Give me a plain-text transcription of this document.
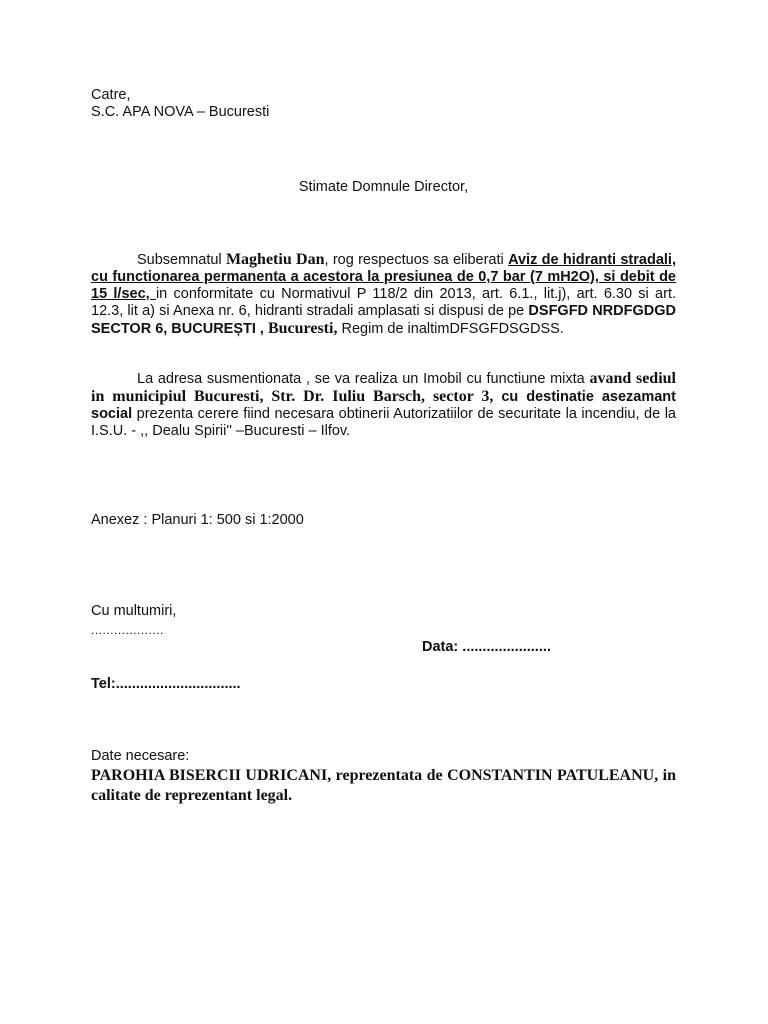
Catre,
S.C. APA NOVA – Bucuresti
Stimate Domnule Director,
Subsemnatul Maghetiu Dan, rog respectuos sa eliberati Aviz de hidranti stradali, cu functionarea permanenta a acestora la presiunea de 0,7 bar (7 mH2O), si debit de 15 l/sec, in conformitate cu Normativul P 118/2 din 2013, art. 6.1., lit.j), art. 6.30 si art. 12.3, lit a) si Anexa nr. 6, hidranti stradali amplasati si dispusi de pe DSFGFD NRDFGDGD SECTOR 6, BUCUREȘTI , Bucuresti, Regim de inaltimDFSGFDSGDSS.
La adresa susmentionata , se va realiza un Imobil cu functiune mixta avand sediul in municipiul Bucuresti, Str. Dr. Iuliu Barsch, sector 3, cu destinatie asezamant social prezenta cerere fiind necesara obtinerii Autorizatiilor de securitate la incendiu, de la I.S.U. - ,, Dealu Spirii'' –Bucuresti – Ilfov.
Anexez : Planuri 1: 500 si 1:2000
Cu multumiri,
...................
Data: ......................
Tel:...............................
Date necesare:
PAROHIA BISERCII UDRICANI, reprezentata de CONSTANTIN PATULEANU, in calitate de reprezentant legal.
